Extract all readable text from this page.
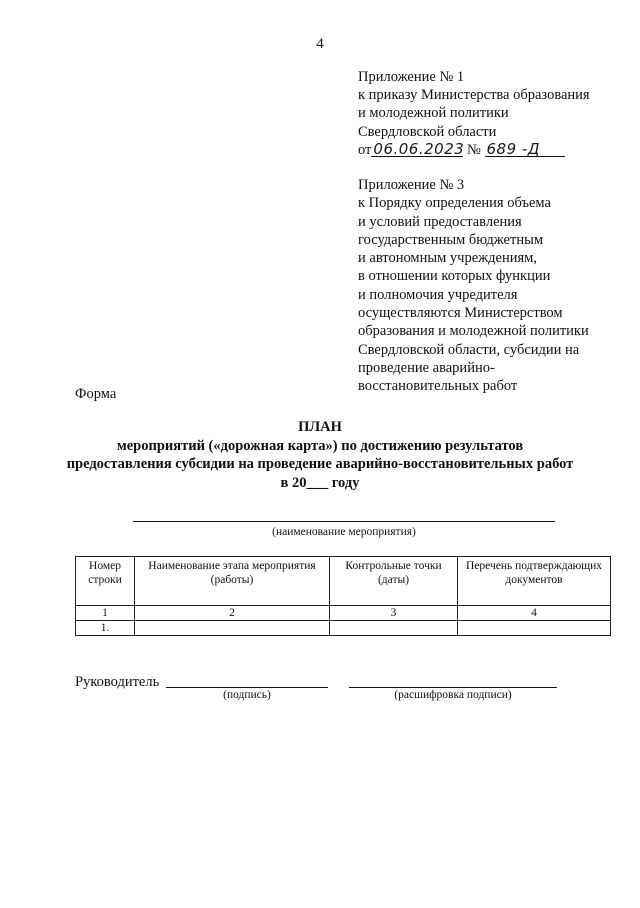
4
Приложение № 1
к приказу Министерства образования
и молодежной политики
Свердловской области
от 06.06.2023 № 689 -Д
Приложение № 3
к Порядку определения объема
и условий предоставления
государственным бюджетным
и автономным учреждениям,
в отношении которых функции
и полномочия учредителя
осуществляются Министерством
образования и молодежной политики
Свердловской области, субсидии на
проведение аварийно-
восстановительных работ
Форма
ПЛАН
мероприятий («дорожная карта») по достижению результатов
предоставления субсидии на проведение аварийно-восстановительных работ
в 20___ году
(наименование мероприятия)
Номер строки	Наименование этапа мероприятия (работы)	Контрольные точки (даты)	Перечень подтверждающих документов
1	2	3	4
1.			
Руководитель
(подпись)	(расшифровка подписи)
